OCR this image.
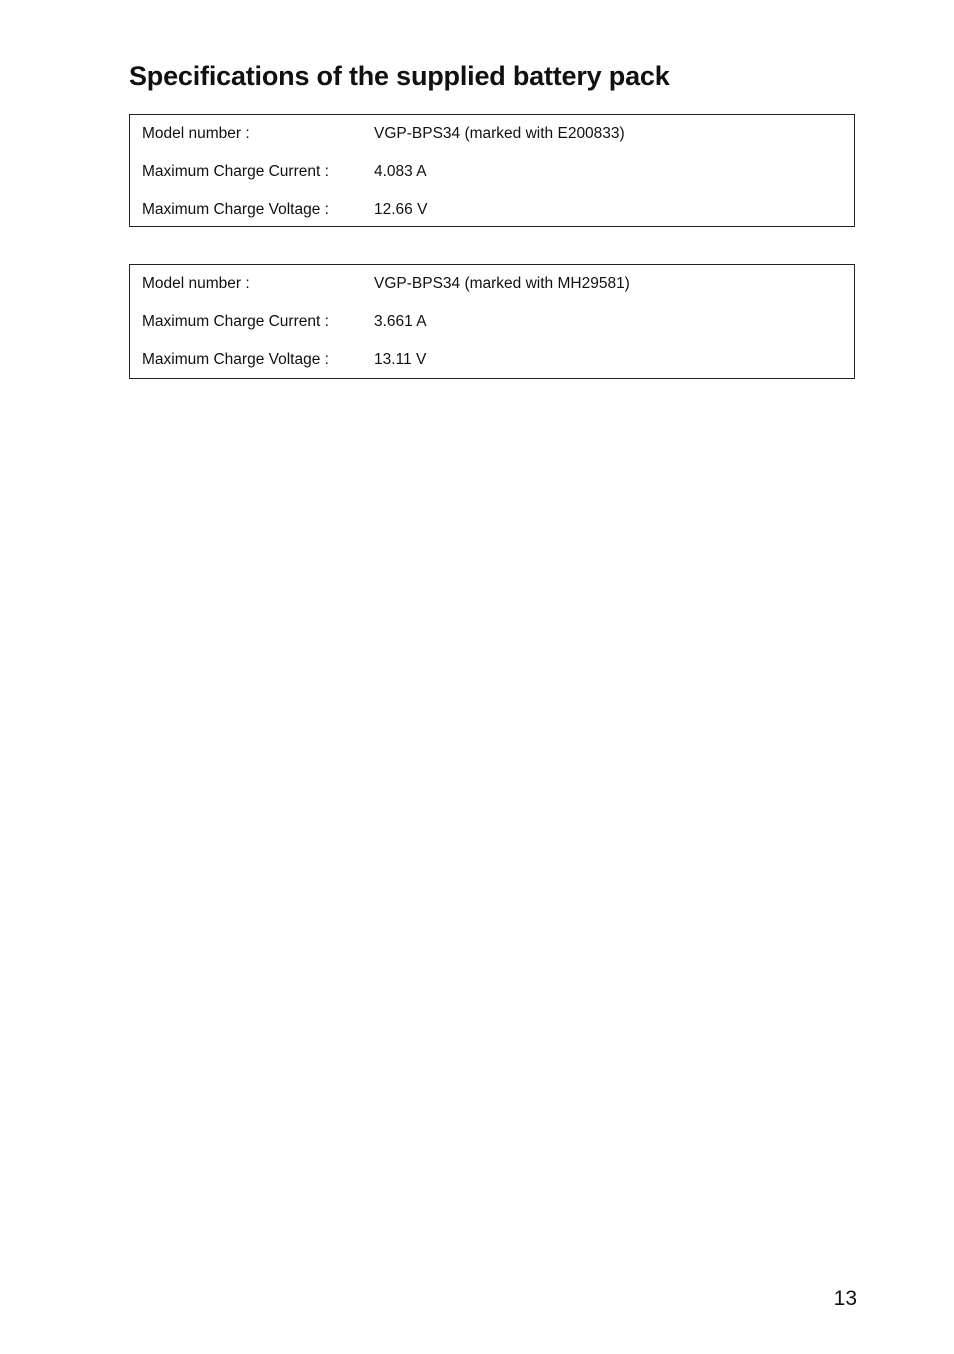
Specifications of the supplied battery pack
Model number :	VGP-BPS34 (marked with E200833)
Maximum Charge Current :	4.083 A
Maximum Charge Voltage :	12.66 V
Model number :	VGP-BPS34 (marked with MH29581)
Maximum Charge Current :	3.661 A
Maximum Charge Voltage :	13.11 V
13
